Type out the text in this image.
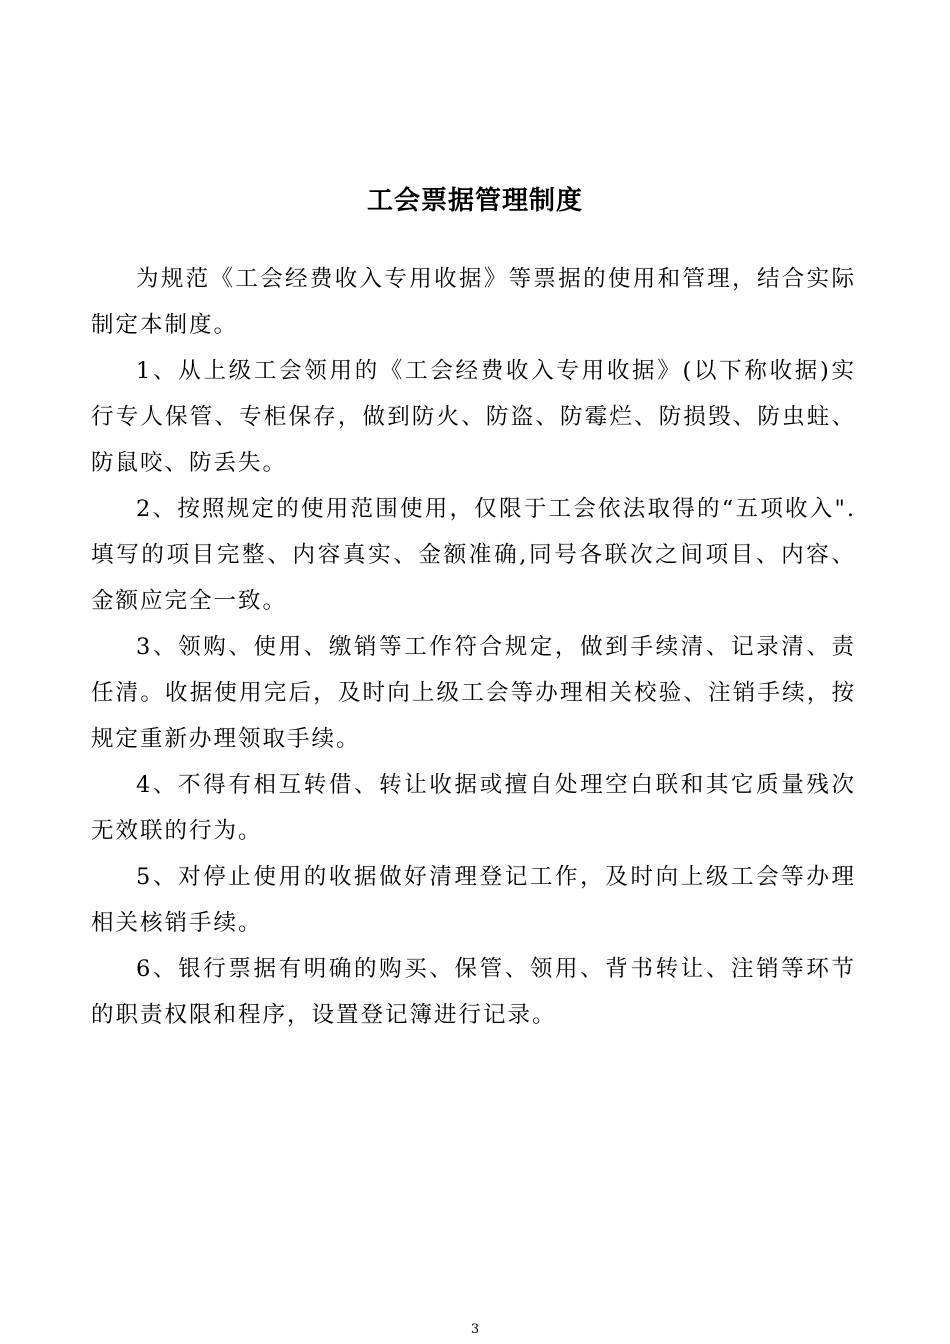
工会票据管理制度

为规范《工会经费收入专用收据》等票据的使用和管理，结合实际制定本制度。

1、从上级工会领用的《工会经费收入专用收据》(以下称收据)实行专人保管、专柜保存，做到防火、防盗、防霉烂、防损毁、防虫蛀、防鼠咬、防丢失。

2、按照规定的使用范围使用，仅限于工会依法取得的“五项收入".填写的项目完整、内容真实、金额准确,同号各联次之间项目、内容、金额应完全一致。

3、领购、使用、缴销等工作符合规定，做到手续清、记录清、责任清。收据使用完后，及时向上级工会等办理相关校验、注销手续，按规定重新办理领取手续。

4、不得有相互转借、转让收据或擅自处理空白联和其它质量残次无效联的行为。

5、对停止使用的收据做好清理登记工作，及时向上级工会等办理相关核销手续。

6、银行票据有明确的购买、保管、领用、背书转让、注销等环节的职责权限和程序，设置登记簿进行记录。

3
